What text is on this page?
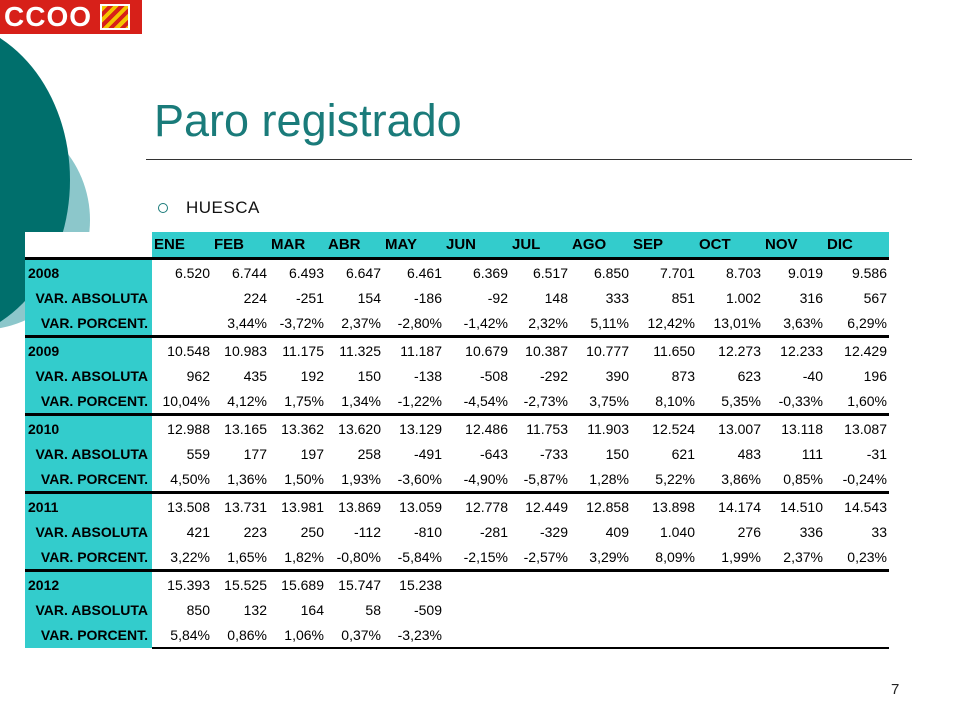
CCOO
Paro registrado
HUESCA
	ENE	FEB	MAR	ABR	MAY	JUN	JUL	AGO	SEP	OCT	NOV	DIC
2008	6.520	6.744	6.493	6.647	6.461	6.369	6.517	6.850	7.701	8.703	9.019	9.586
VAR. ABSOLUTA		224	-251	154	-186	-92	148	333	851	1.002	316	567
VAR. PORCENT.		3,44%	-3,72%	2,37%	-2,80%	-1,42%	2,32%	5,11%	12,42%	13,01%	3,63%	6,29%
2009	10.548	10.983	11.175	11.325	11.187	10.679	10.387	10.777	11.650	12.273	12.233	12.429
VAR. ABSOLUTA	962	435	192	150	-138	-508	-292	390	873	623	-40	196
VAR. PORCENT.	10,04%	4,12%	1,75%	1,34%	-1,22%	-4,54%	-2,73%	3,75%	8,10%	5,35%	-0,33%	1,60%
2010	12.988	13.165	13.362	13.620	13.129	12.486	11.753	11.903	12.524	13.007	13.118	13.087
VAR. ABSOLUTA	559	177	197	258	-491	-643	-733	150	621	483	111	-31
VAR. PORCENT.	4,50%	1,36%	1,50%	1,93%	-3,60%	-4,90%	-5,87%	1,28%	5,22%	3,86%	0,85%	-0,24%
2011	13.508	13.731	13.981	13.869	13.059	12.778	12.449	12.858	13.898	14.174	14.510	14.543
VAR. ABSOLUTA	421	223	250	-112	-810	-281	-329	409	1.040	276	336	33
VAR. PORCENT.	3,22%	1,65%	1,82%	-0,80%	-5,84%	-2,15%	-2,57%	3,29%	8,09%	1,99%	2,37%	0,23%
2012	15.393	15.525	15.689	15.747	15.238							
VAR. ABSOLUTA	850	132	164	58	-509							
VAR. PORCENT.	5,84%	0,86%	1,06%	0,37%	-3,23%							
7
